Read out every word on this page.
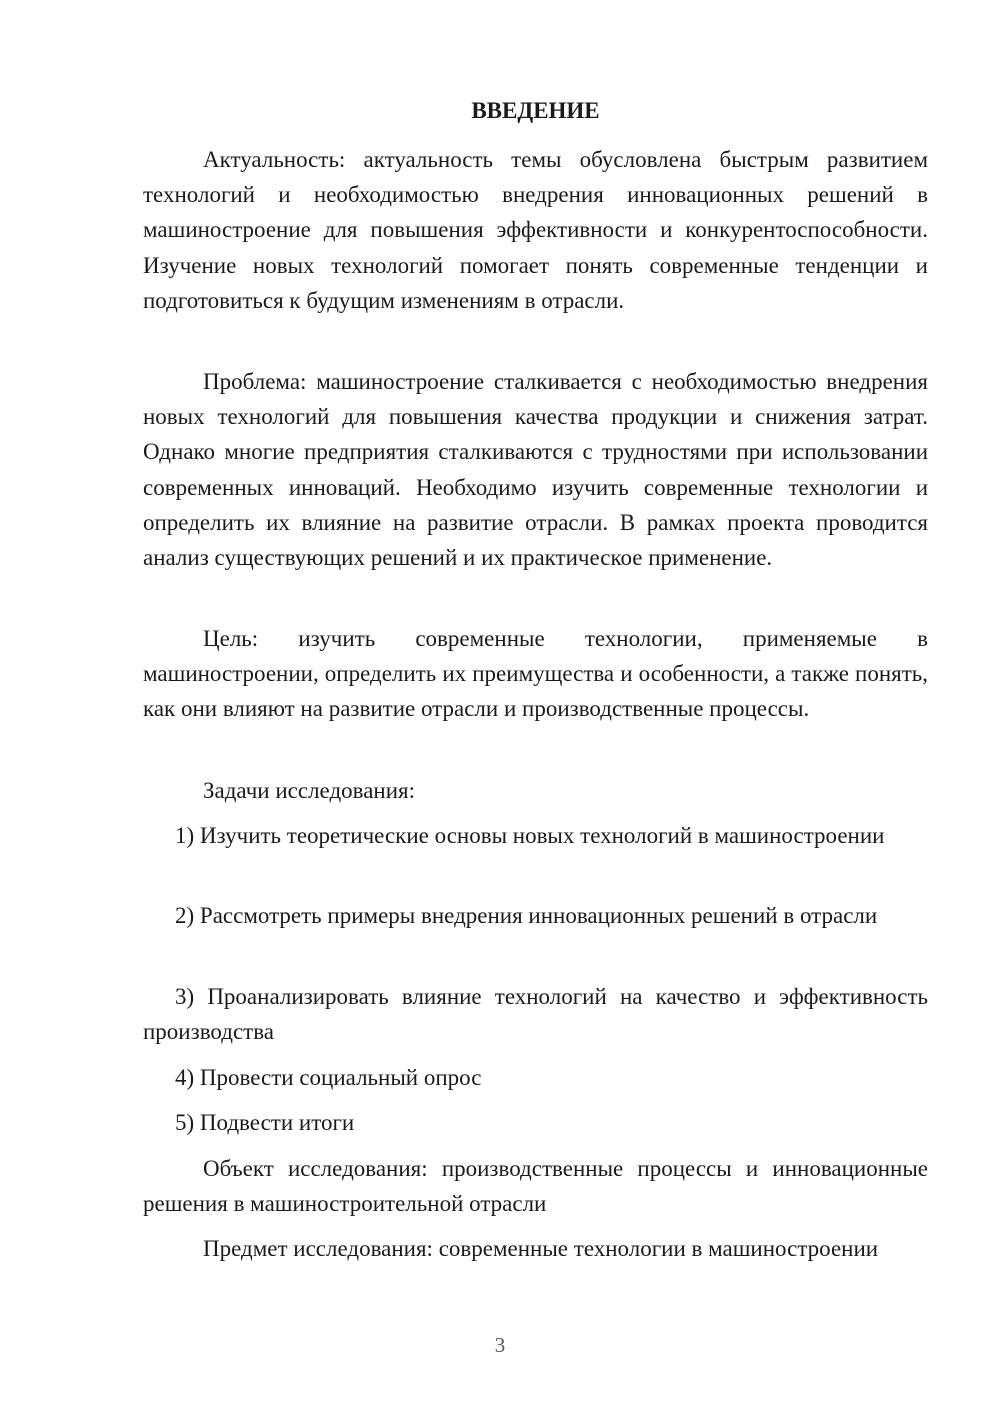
ВВЕДЕНИЕ

Актуальность: актуальность темы обусловлена быстрым развитием технологий и необходимостью внедрения инновационных решений в машиностроение для повышения эффективности и конкурентоспособности. Изучение новых технологий помогает понять современные тенденции и подготовиться к будущим изменениям в отрасли.

Проблема: машиностроение сталкивается с необходимостью внедрения новых технологий для повышения качества продукции и снижения затрат. Однако многие предприятия сталкиваются с трудностями при использовании современных инноваций. Необходимо изучить современные технологии и определить их влияние на развитие отрасли. В рамках проекта проводится анализ существующих решений и их практическое применение.

Цель: изучить современные технологии, применяемые в машиностроении, определить их преимущества и особенности, а также понять, как они влияют на развитие отрасли и производственные процессы.

Задачи исследования:

1) Изучить теоретические основы новых технологий в машиностроении

2) Рассмотреть примеры внедрения инновационных решений в отрасли

3) Проанализировать влияние технологий на качество и эффективность производства

4) Провести социальный опрос

5) Подвести итоги

Объект исследования: производственные процессы и инновационные решения в машиностроительной отрасли

Предмет исследования: современные технологии в машиностроении

3
